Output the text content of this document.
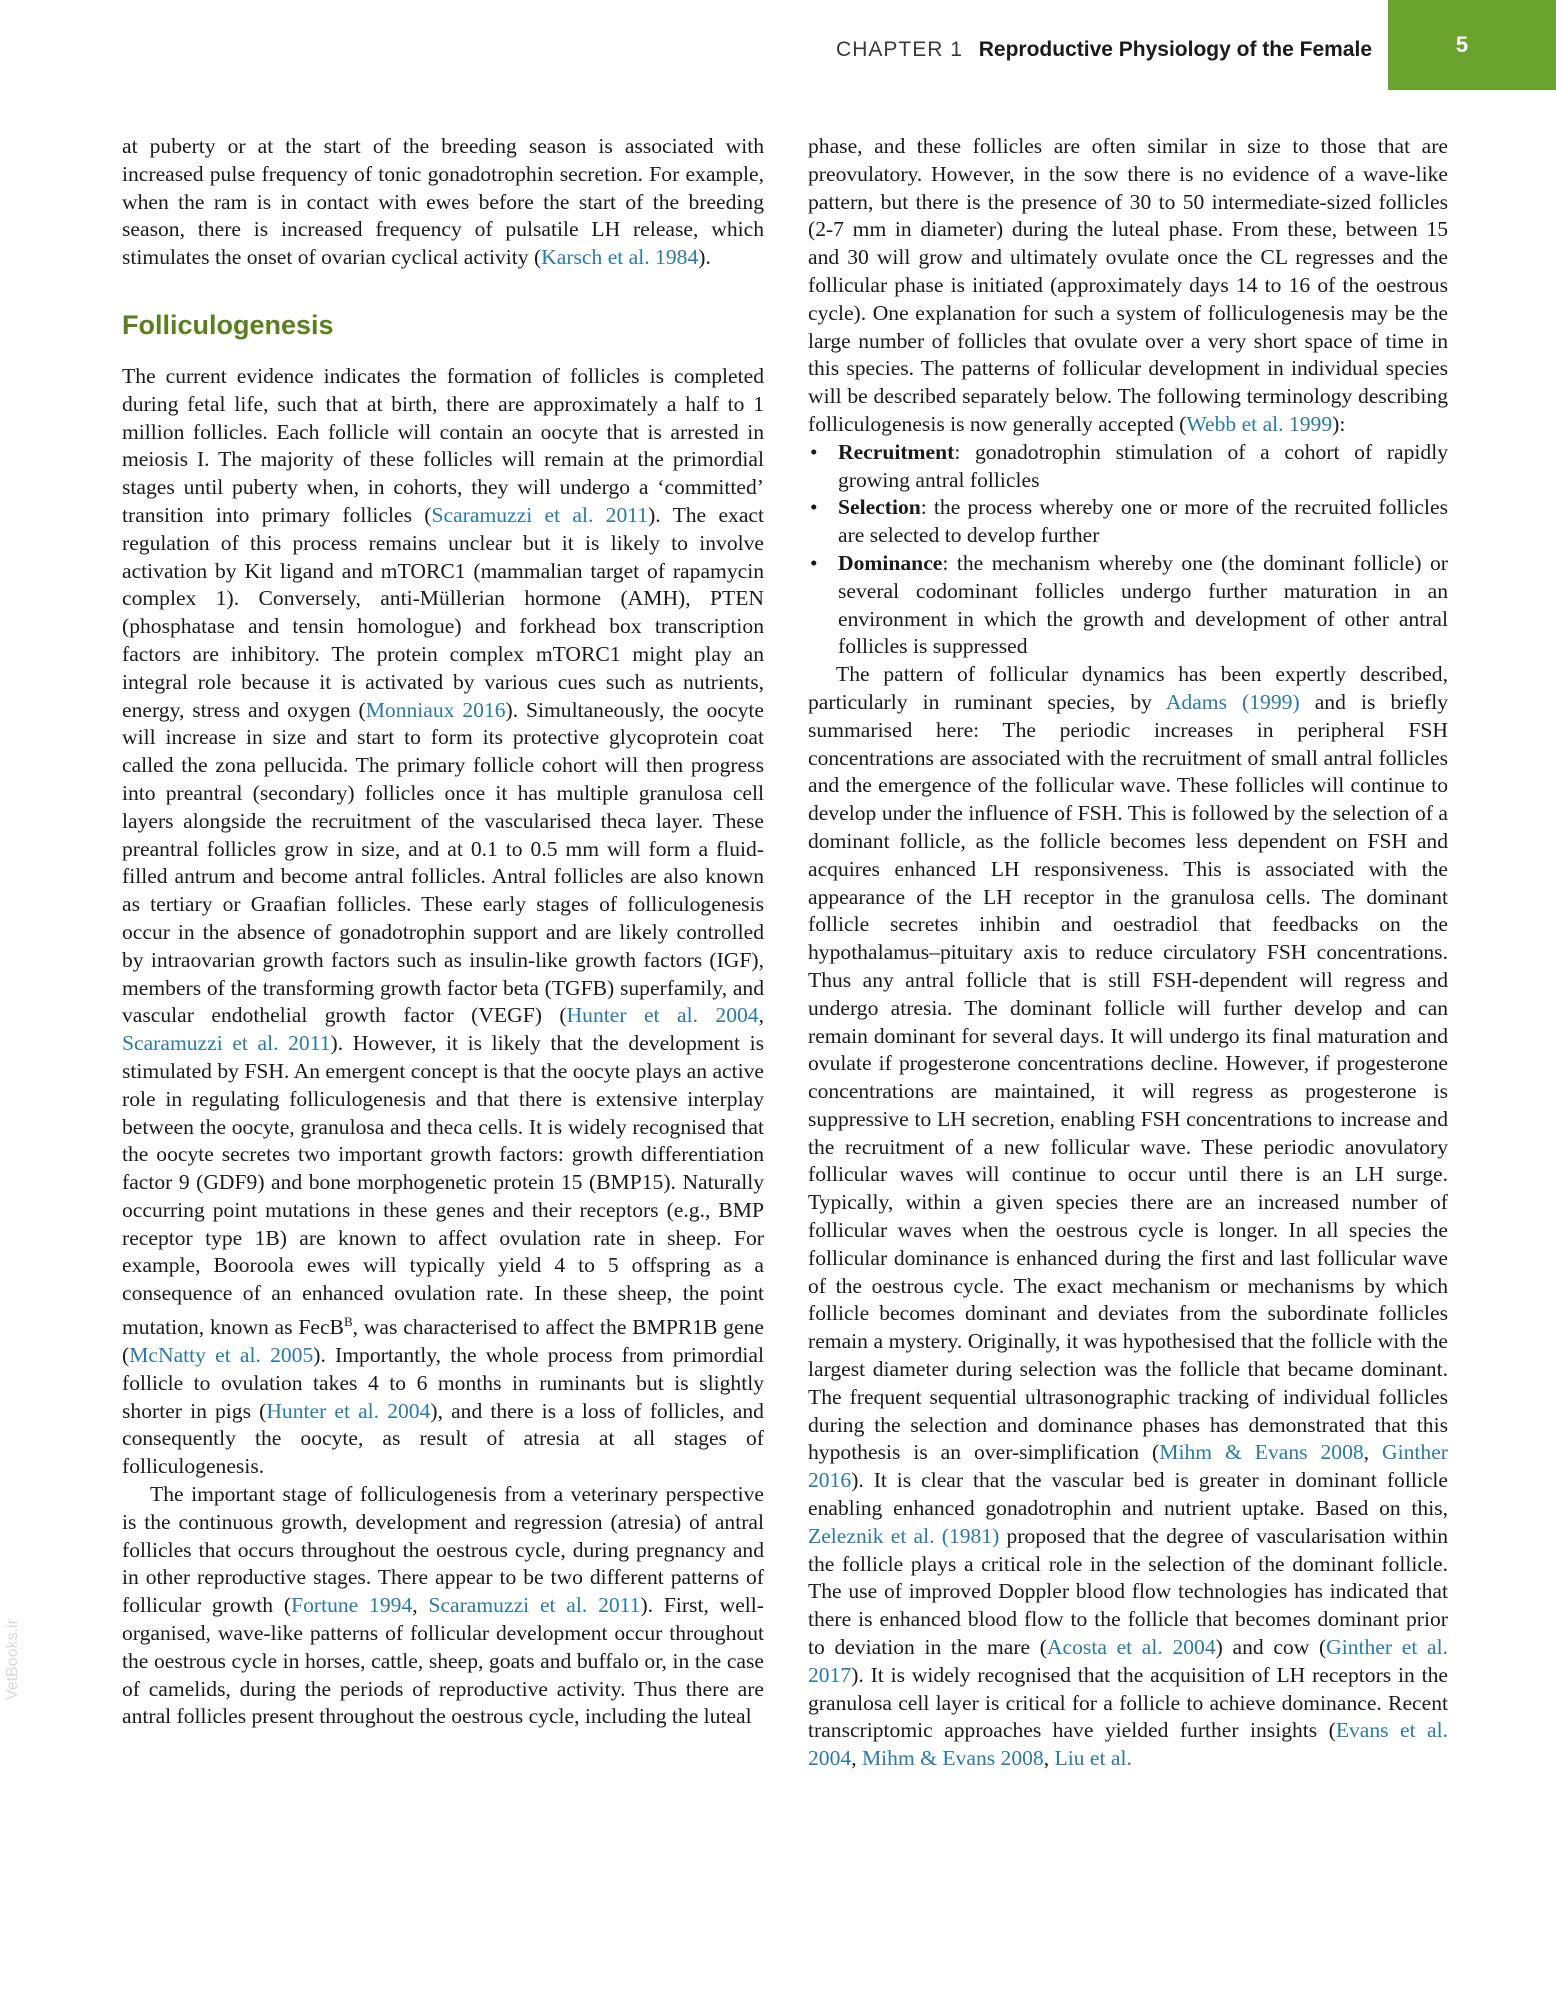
CHAPTER 1 Reproductive Physiology of the Female	5
VetBooks.ir

at puberty or at the start of the breeding season is associated with increased pulse frequency of tonic gonadotrophin secretion. For example, when the ram is in contact with ewes before the start of the breeding season, there is increased frequency of pulsatile LH release, which stimulates the onset of ovarian cyclical activity (Karsch et al. 1984).

Folliculogenesis

The current evidence indicates the formation of follicles is completed during fetal life, such that at birth, there are approximately a half to 1 million follicles. Each follicle will contain an oocyte that is arrested in meiosis I. The majority of these follicles will remain at the primordial stages until puberty when, in cohorts, they will undergo a ‘committed’ transition into primary follicles (Scaramuzzi et al. 2011). The exact regulation of this process remains unclear but it is likely to involve activation by Kit ligand and mTORC1 (mammalian target of rapamycin complex 1). Conversely, anti-Müllerian hormone (AMH), PTEN (phosphatase and tensin homologue) and forkhead box transcription factors are inhibitory. The protein complex mTORC1 might play an integral role because it is activated by various cues such as nutrients, energy, stress and oxygen (Monniaux 2016). Simultaneously, the oocyte will increase in size and start to form its protective glycoprotein coat called the zona pellucida. The primary follicle cohort will then progress into preantral (secondary) follicles once it has multiple granulosa cell layers alongside the recruitment of the vascularised theca layer. These preantral follicles grow in size, and at 0.1 to 0.5 mm will form a fluid-filled antrum and become antral follicles. Antral follicles are also known as tertiary or Graafian follicles. These early stages of folliculogenesis occur in the absence of gonadotrophin support and are likely controlled by intraovarian growth factors such as insulin-like growth factors (IGF), members of the transforming growth factor beta (TGFB) superfamily, and vascular endothelial growth factor (VEGF) (Hunter et al. 2004, Scaramuzzi et al. 2011). However, it is likely that the development is stimulated by FSH. An emergent concept is that the oocyte plays an active role in regulating folliculogenesis and that there is extensive interplay between the oocyte, granulosa and theca cells. It is widely recognised that the oocyte secretes two important growth factors: growth differentiation factor 9 (GDF9) and bone morphogenetic protein 15 (BMP15). Naturally occurring point mutations in these genes and their receptors (e.g., BMP receptor type 1B) are known to affect ovulation rate in sheep. For example, Booroola ewes will typically yield 4 to 5 offspring as a consequence of an enhanced ovulation rate. In these sheep, the point mutation, known as FecB$^B$, was characterised to affect the BMPR1B gene (McNatty et al. 2005). Importantly, the whole process from primordial follicle to ovulation takes 4 to 6 months in ruminants but is slightly shorter in pigs (Hunter et al. 2004), and there is a loss of follicles, and consequently the oocyte, as result of atresia at all stages of folliculogenesis.

The important stage of folliculogenesis from a veterinary perspective is the continuous growth, development and regression (atresia) of antral follicles that occurs throughout the oestrous cycle, during pregnancy and in other reproductive stages. There appear to be two different patterns of follicular growth (Fortune 1994, Scaramuzzi et al. 2011). First, well-organised, wave-like patterns of follicular development occur throughout the oestrous cycle in horses, cattle, sheep, goats and buffalo or, in the case of camelids, during the periods of reproductive activity. Thus there are antral follicles present throughout the oestrous cycle, including the luteal

phase, and these follicles are often similar in size to those that are preovulatory. However, in the sow there is no evidence of a wave-like pattern, but there is the presence of 30 to 50 intermediate-sized follicles (2-7 mm in diameter) during the luteal phase. From these, between 15 and 30 will grow and ultimately ovulate once the CL regresses and the follicular phase is initiated (approximately days 14 to 16 of the oestrous cycle). One explanation for such a system of folliculogenesis may be the large number of follicles that ovulate over a very short space of time in this species. The patterns of follicular development in individual species will be described separately below. The following terminology describing folliculogenesis is now generally accepted (Webb et al. 1999):

• Recruitment: gonadotrophin stimulation of a cohort of rapidly growing antral follicles
• Selection: the process whereby one or more of the recruited follicles are selected to develop further
• Dominance: the mechanism whereby one (the dominant follicle) or several codominant follicles undergo further maturation in an environment in which the growth and development of other antral follicles is suppressed

The pattern of follicular dynamics has been expertly described, particularly in ruminant species, by Adams (1999) and is briefly summarised here: The periodic increases in peripheral FSH concentrations are associated with the recruitment of small antral follicles and the emergence of the follicular wave. These follicles will continue to develop under the influence of FSH. This is followed by the selection of a dominant follicle, as the follicle becomes less dependent on FSH and acquires enhanced LH responsiveness. This is associated with the appearance of the LH receptor in the granulosa cells. The dominant follicle secretes inhibin and oestradiol that feedbacks on the hypothalamus–pituitary axis to reduce circulatory FSH concentrations. Thus any antral follicle that is still FSH-dependent will regress and undergo atresia. The dominant follicle will further develop and can remain dominant for several days. It will undergo its final maturation and ovulate if progesterone concentrations decline. However, if progesterone concentrations are maintained, it will regress as progesterone is suppressive to LH secretion, enabling FSH concentrations to increase and the recruitment of a new follicular wave. These periodic anovulatory follicular waves will continue to occur until there is an LH surge. Typically, within a given species there are an increased number of follicular waves when the oestrous cycle is longer. In all species the follicular dominance is enhanced during the first and last follicular wave of the oestrous cycle. The exact mechanism or mechanisms by which follicle becomes dominant and deviates from the subordinate follicles remain a mystery. Originally, it was hypothesised that the follicle with the largest diameter during selection was the follicle that became dominant. The frequent sequential ultrasonographic tracking of individual follicles during the selection and dominance phases has demonstrated that this hypothesis is an over-simplification (Mihm & Evans 2008, Ginther 2016). It is clear that the vascular bed is greater in dominant follicle enabling enhanced gonadotrophin and nutrient uptake. Based on this, Zeleznik et al. (1981) proposed that the degree of vascularisation within the follicle plays a critical role in the selection of the dominant follicle. The use of improved Doppler blood flow technologies has indicated that there is enhanced blood flow to the follicle that becomes dominant prior to deviation in the mare (Acosta et al. 2004) and cow (Ginther et al. 2017). It is widely recognised that the acquisition of LH receptors in the granulosa cell layer is critical for a follicle to achieve dominance. Recent transcriptomic approaches have yielded further insights (Evans et al. 2004, Mihm & Evans 2008, Liu et al.
